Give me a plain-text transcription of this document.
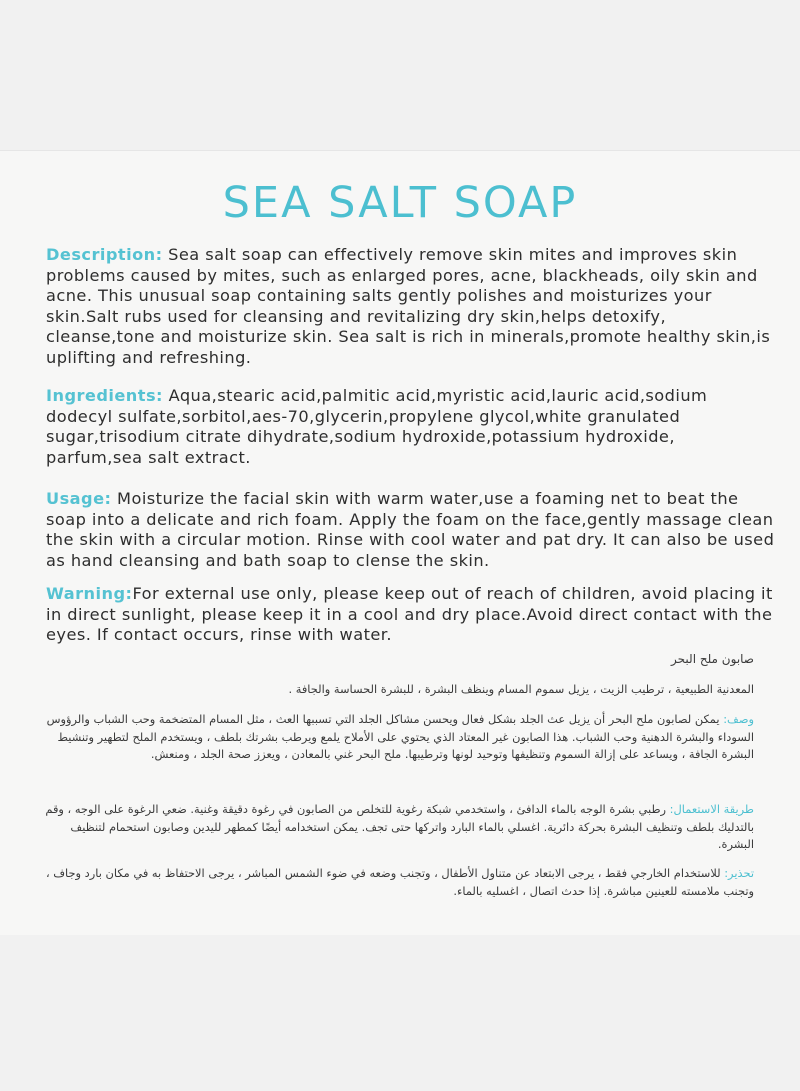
SEA SALT SOAP

Description: Sea salt soap can effectively remove skin mites and improves skin problems caused by mites, such as enlarged pores, acne, blackheads, oily skin and acne. This unusual soap containing salts gently polishes and moisturizes your skin.Salt rubs used for cleansing and revitalizing dry skin,helps detoxify, cleanse,tone and moisturize skin. Sea salt is rich in minerals,promote healthy skin,is uplifting and refreshing.

Ingredients: Aqua,stearic acid,palmitic acid,myristic acid,lauric acid,sodium dodecyl sulfate,sorbitol,aes-70,glycerin,propylene glycol,white granulated sugar,trisodium citrate dihydrate,sodium hydroxide,potassium hydroxide, parfum,sea salt extract.

Usage: Moisturize the facial skin with warm water,use a foaming net to beat the soap into a delicate and rich foam. Apply the foam on the face,gently massage clean the skin with a circular motion. Rinse with cool water and pat dry. It can also be used as hand cleansing and bath soap to clense the skin.

Warning:For external use only, please keep out of reach of children, avoid placing it in direct sunlight, please keep it in a cool and dry place.Avoid direct contact with the eyes. If contact occurs, rinse with water.

صابون ملح البحر

المعدنية الطبيعية ، ترطيب الزيت ، يزيل سموم المسام وينظف البشرة ، للبشرة الحساسة والجافة .

وصف: يمكن لصابون ملح البحر أن يزيل عث الجلد بشكل فعال ويحسن مشاكل الجلد التي تسببها العث ، مثل المسام المتضخمة وحب الشباب والرؤوس السوداء والبشرة الدهنية وحب الشباب. هذا الصابون غير المعتاد الذي يحتوي على الأملاح يلمع ويرطب بشرتك بلطف ، ويستخدم الملح لتطهير وتنشيط البشرة الجافة ، ويساعد على إزالة السموم وتنظيفها وتوحيد لونها وترطيبها. ملح البحر غني بالمعادن ، ويعزز صحة الجلد ، ومنعش.

طريقة الاستعمال: رطبي بشرة الوجه بالماء الدافئ ، واستخدمي شبكة رغوية للتخلص من الصابون في رغوة دقيقة وغنية. ضعي الرغوة على الوجه ، وقم بالتدليك بلطف وتنظيف البشرة بحركة دائرية. اغسلي بالماء البارد واتركها حتى تجف. يمكن استخدامه أيضًا كمطهر لليدين وصابون استحمام لتنظيف البشرة.

تحذير: للاستخدام الخارجي فقط ، يرجى الابتعاد عن متناول الأطفال ، وتجنب وضعه في ضوء الشمس المباشر ، يرجى الاحتفاظ به في مكان بارد وجاف ، وتجنب ملامسته للعينين مباشرة. إذا حدث اتصال ، اغسليه بالماء.
